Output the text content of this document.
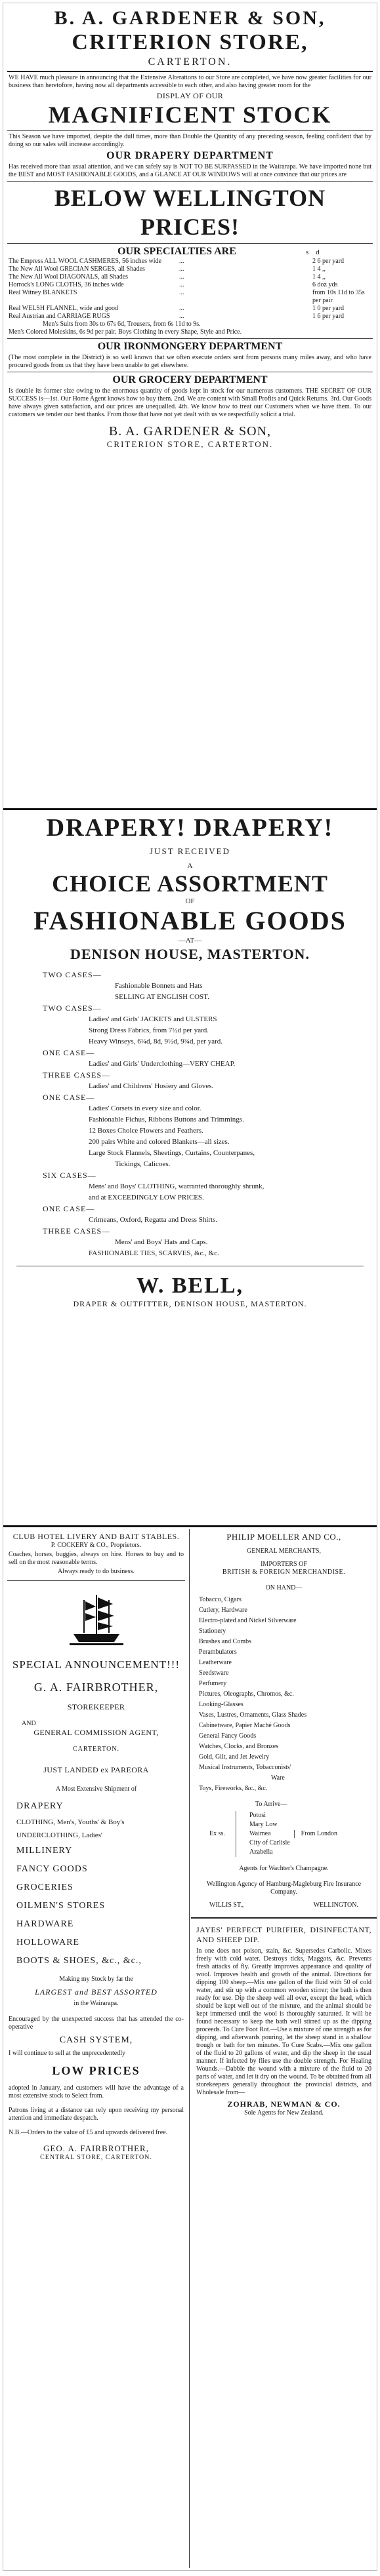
B. A. GARDENER & SON,
CRITERION STORE,
CARTERTON.

WE HAVE much pleasure in announcing that the Extensive Alterations to our Store are completed, we have now greater facilities for our business than heretofore, having now all departments accessible to each other, and also having greater room for the

DISPLAY OF OUR
MAGNIFICENT STOCK

This Season we have imported, despite the dull times, more than Double the Quantity of any preceding season, feeling confident that by doing so our sales will increase accordingly.

OUR DRAPERY DEPARTMENT

Has received more than usual attention, and we can safely say is NOT TO BE SURPASSED in the Wairarapa. We have imported none but the BEST and MOST FASHIONABLE GOODS, and a GLANCE AT OUR WINDOWS will at once convince that our prices are

BELOW WELLINGTON PRICES!
OUR SPECIALTIES ARE	s    d
The Empress ALL WOOL CASHMERES, 56 inches wide	...	2 6 per yard
The New All Wool GRECIAN SERGES, all Shades	...	1 4 ,,
The New All Wool DIAGONALS, all Shades	...	1 4 ,,
Horrock's LONG CLOTHS, 36 inches wide	...	6 doz yds
Real Witney BLANKETS	...	from 10s 11d to 35s per pair
Real WELSH FLANNEL, wide and good	...	1 0 per yard
Real Austrian and CARRIAGE RUGS	...	1 6 per yard
Men's Suits from 30s to 67s 6d, Trousers, from 6s 11d to 9s.
Men's Colored Moleskins, 6s 9d per pair. Boys Clothing in every Shape, Style and Price.
OUR IRONMONGERY DEPARTMENT

(The most complete in the District) is so well known that we often execute orders sent from persons many miles away, and who have procured goods from us that they have been unable to get elsewhere.

OUR GROCERY DEPARTMENT

Is double its former size owing to the enormous quantity of goods kept in stock for our numerous customers. THE SECRET OF OUR SUCCESS is—1st. Our Home Agent knows how to buy them. 2nd. We are content with Small Profits and Quick Returns. 3rd. Our Goods have always given satisfaction, and our prices are unequalled. 4th. We know how to treat our Customers when we have them. To our customers we tender our best thanks. From those that have not yet dealt with us we respectfully solicit a trial.

B. A. GARDENER & SON,
CRITERION STORE, CARTERTON.
DRAPERY! DRAPERY!
JUST RECEIVED
A
CHOICE ASSORTMENT
OF
FASHIONABLE GOODS
—AT—
DENISON HOUSE, MASTERTON.
TWO CASES—
Fashionable Bonnets and Hats
SELLING AT ENGLISH COST.
TWO CASES—
Ladies' and Girls' JACKETS and ULSTERS
Strong Dress Fabrics, from 7½d per yard.
Heavy Winseys, 6¼d, 8d, 9½d, 9¾d, per yard.
ONE CASE—
Ladies' and Girls' Underclothing—VERY CHEAP.
THREE CASES—
Ladies' and Childrens' Hosiery and Gloves.
ONE CASE—
Ladies' Corsets in every size and color.
Fashionable Fichus, Ribbons Buttons and Trimmings.
12 Boxes Choice Flowers and Feathers.
200 pairs White and colored Blankets—all sizes.
Large Stock Flannels, Sheetings, Curtains, Counterpanes,
Tickings, Calicoes.
SIX CASES—
Mens' and Boys' CLOTHING, warranted thoroughly shrunk,
and at EXCEEDINGLY LOW PRICES.
ONE CASE—
Crimeans, Oxford, Regatta and Dress Shirts.
THREE CASES—
Mens' and Boys' Hats and Caps.
FASHIONABLE TIES, SCARVES, &c., &c.
W. BELL,
DRAPER & OUTFITTER, DENISON HOUSE, MASTERTON.
CLUB HOTEL LIVERY AND BAIT STABLES.
P. COCKERY & CO., Proprietors.

Coaches, horses, buggies, always on hire. Horses to buy and to sell on the most reasonable terms.

Always ready to do business.
SPECIAL ANNOUNCEMENT!!!
G. A. FAIRBROTHER,
STOREKEEPER
AND
GENERAL COMMISSION AGENT,
CARTERTON.
JUST LANDED ex PAREORA
A Most Extensive Shipment of
DRAPERY
CLOTHING, Men's, Youths' & Boy's
UNDERCLOTHING, Ladies'
MILLINERY
FANCY GOODS
GROCERIES
OILMEN'S STORES
HARDWARE
HOLLOWARE
BOOTS & SHOES, &c., &c.,
Making my Stock by far the
LARGEST and BEST ASSORTED
in the Wairarapa.

Encouraged by the unexpected success that has attended the co-operative

CASH SYSTEM,

I will continue to sell at the unprecedentedly

LOW PRICES

adopted in January, and customers will have the advantage of a most extensive stock to Select from.

Patrons living at a distance can rely upon receiving my personal attention and immediate despatch.

N.B.—Orders to the value of £5 and upwards delivered free.

GEO. A. FAIRBROTHER,
CENTRAL STORE, CARTERTON.
PHILIP MOELLER AND CO.,
GENERAL MERCHANTS,
IMPORTERS OF
BRITISH & FOREIGN MERCHANDISE.
ON HAND—
Tobacco, Cigars
Cutlery, Hardware
Electro-plated and Nickel Silverware
Stationery
Brushes and Combs
Perambulators
Leatherware
Seedstware
Perfumery
Pictures, Oleographs, Chromos, &c.
Looking-Glasses
Vases, Lustres, Ornaments, Glass Shades
Cabinetware, Papier Maché Goods
General Fancy Goods
Watches, Clocks, and Bronzes
Gold, Gilt, and Jet Jewelry
Musical Instruments, Tobacconists'
Ware
Toys, Fireworks, &c., &c.
To Arrive—
Ex ss.
Potosi
Mary Low
Waimea
City of Carlisle
Azabella
From London
Agents for Wachter's Champagne.

Wellington Agency of Hamburg-Magleburg Fire Insurance Company.

WILLIS ST.,	WELLINGTON.
JAYES' PERFECT PURIFIER, DISINFECTANT, AND SHEEP DIP.

In one does not poison, stain, &c. Supersedes Carbolic. Mixes freely with cold water. Destroys ticks, Maggots, &c. Prevents fresh attacks of fly. Greatly improves appearance and quality of wool. Improves health and growth of the animal. Directions for dipping 100 sheep.—Mix one gallon of the fluid with 50 of cold water, and stir up with a common wooden stirrer; the bath is then ready for use. Dip the sheep well all over, except the head, which should be kept well out of the mixture, and the animal should be kept immersed until the wool is thoroughly saturated. It will be found necessary to keep the bath well stirred up as the dipping proceeds. To Cure Foot Rot.—Use a mixture of one strength as for dipping, and afterwards pouring, let the sheep stand in a shallow trough or bath for ten minutes. To Cure Scabs.—Mix one gallon of the fluid to 20 gallons of water, and dip the sheep in the usual manner. If infected by flies use the double strength. For Healing Wounds.—Dabble the wound with a mixture of the fluid to 20 parts of water, and let it dry on the wound. To be obtained from all storekeepers generally throughout the provincial districts, and Wholesale from—

ZOHRAB, NEWMAN & CO.
Sole Agents for New Zealand.
